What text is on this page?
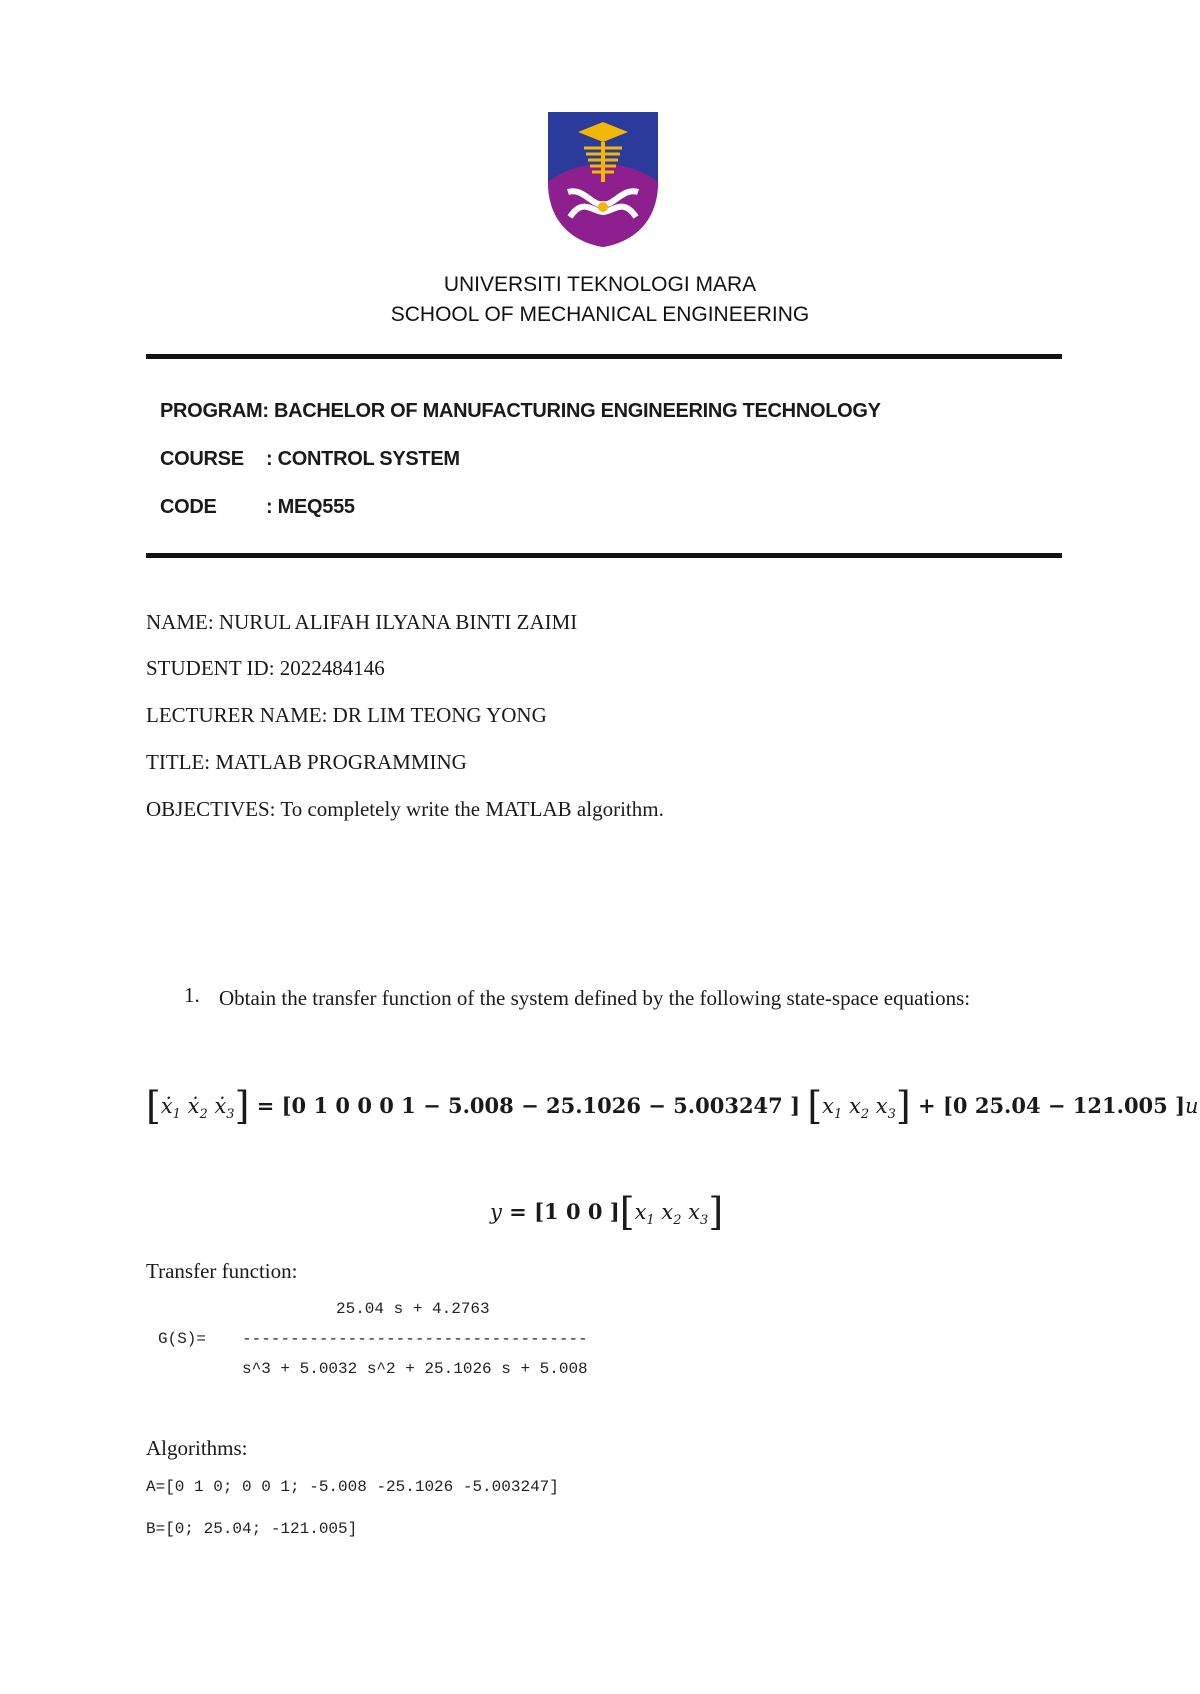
UNIVERSITI TEKNOLOGI MARA
SCHOOL OF MECHANICAL ENGINEERING
PROGRAM: BACHELOR OF MANUFACTURING ENGINEERING TECHNOLOGY
COURSE : CONTROL SYSTEM
CODE : MEQ555
NAME: NURUL ALIFAH ILYANA BINTI ZAIMI
STUDENT ID: 2022484146
LECTURER NAME: DR LIM TEONG YONG
TITLE: MATLAB PROGRAMMING
OBJECTIVES: To completely write the MATLAB algorithm.
1. Obtain the transfer function of the system defined by the following state-space equations:
[ẋ$_1$ ẋ$_2$ ẋ$_3$] = [0 1 0 0 0 1 − 5.008 − 25.1026 − 5.003247 ] [$x_1$ $x_2$ $x_3] + [0$ 25.04 − 121.005 ]u
y = [1 0 0 ][$x_1$ $x_2$ $x_3$]
Transfer function:
25.04 s + 4.2763
G(S)= ------------------------------------
s^3 + 5.0032 s^2 + 25.1026 s + 5.008
Algorithms:
A=[0 1 0; 0 0 1; -5.008 -25.1026 -5.003247]
B=[0; 25.04; -121.005]
